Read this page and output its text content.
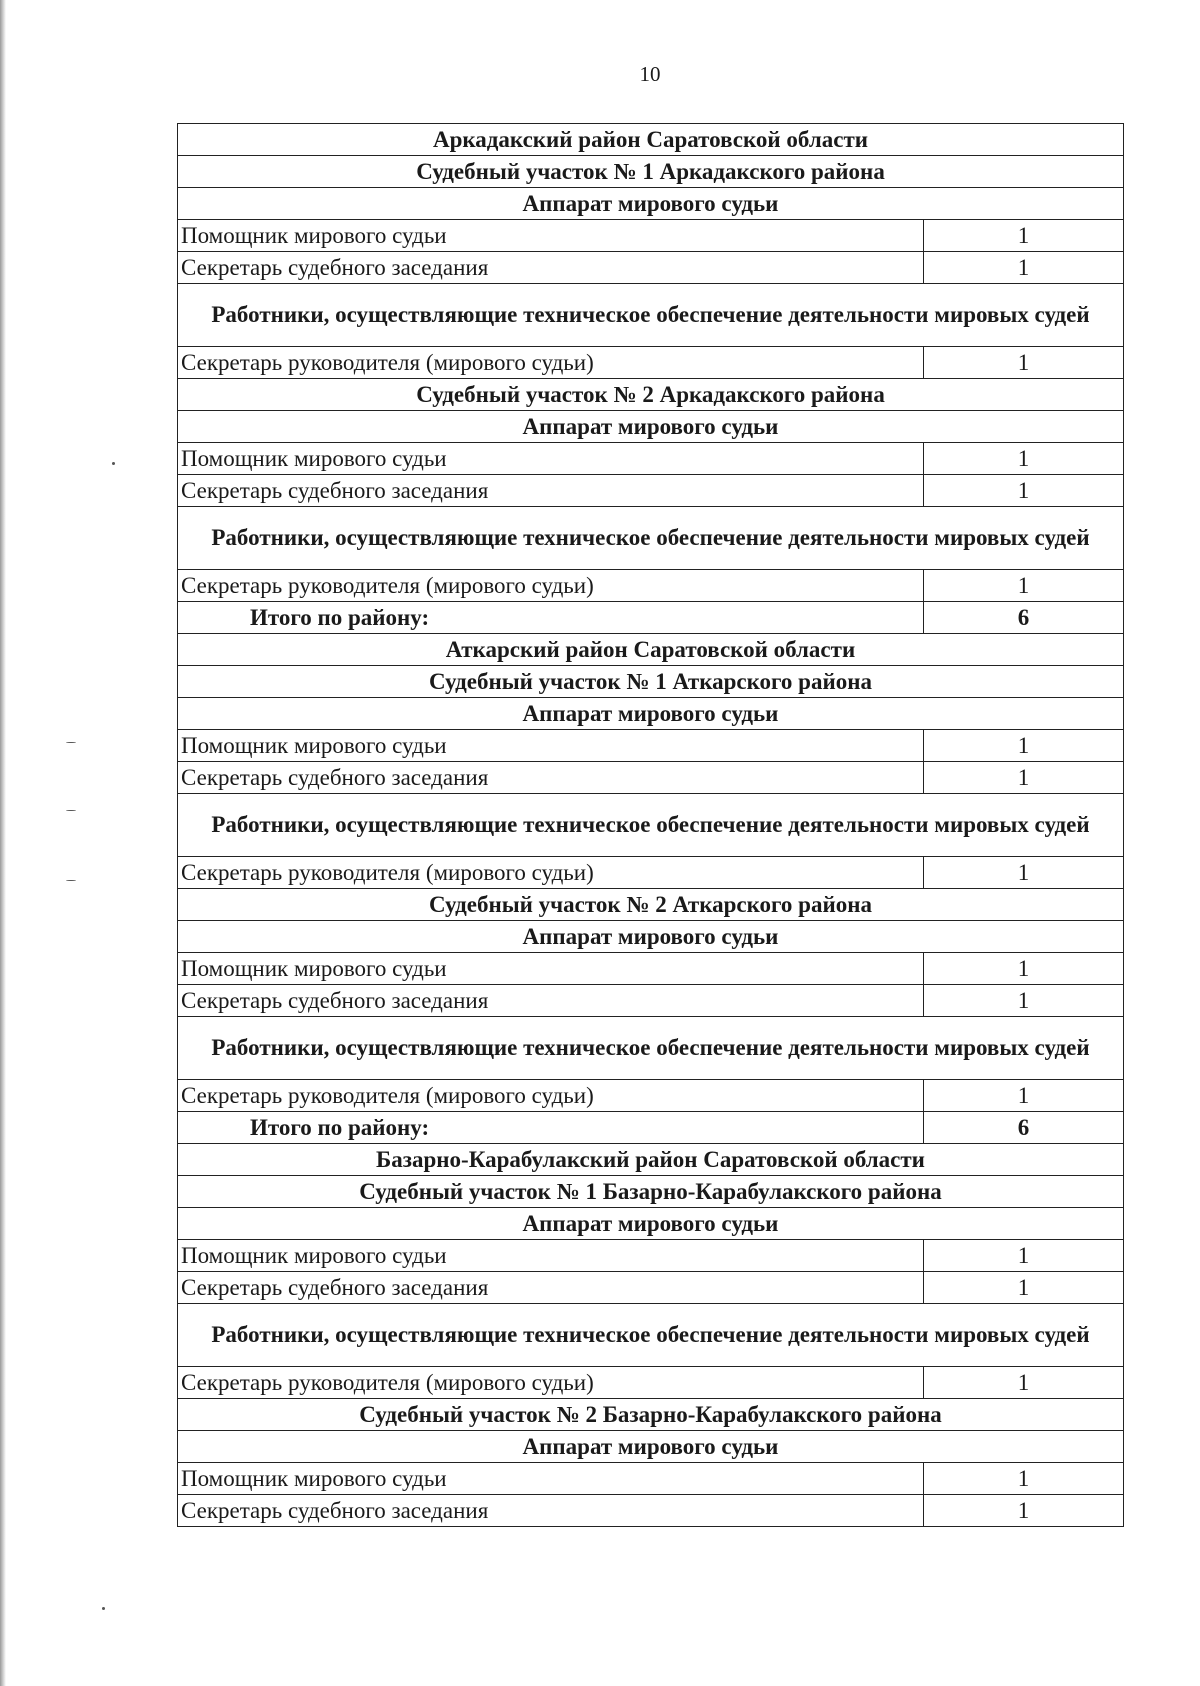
10
Аркадакский район Саратовской области	
Судебный участок № 1 Аркадакского района	
Аппарат мирового судьи	
Помощник мирового судьи	1
Секретарь судебного заседания	1
Работники, осуществляющие техническое обеспечение деятельности мировых судей	
Секретарь руководителя (мирового судьи)	1
Судебный участок № 2 Аркадакского района	
Аппарат мирового судьи	
Помощник мирового судьи	1
Секретарь судебного заседания	1
Работники, осуществляющие техническое обеспечение деятельности мировых судей	
Секретарь руководителя (мирового судьи)	1
Итого по району:	6
Аткарский район Саратовской области	
Судебный участок № 1 Аткарского района	
Аппарат мирового судьи	
Помощник мирового судьи	1
Секретарь судебного заседания	1
Работники, осуществляющие техническое обеспечение деятельности мировых судей	
Секретарь руководителя (мирового судьи)	1
Судебный участок № 2 Аткарского района	
Аппарат мирового судьи	
Помощник мирового судьи	1
Секретарь судебного заседания	1
Работники, осуществляющие техническое обеспечение деятельности мировых судей	
Секретарь руководителя (мирового судьи)	1
Итого по району:	6
Базарно-Карабулакский район Саратовской области	
Судебный участок № 1 Базарно-Карабулакского района	
Аппарат мирового судьи	
Помощник мирового судьи	1
Секретарь судебного заседания	1
Работники, осуществляющие техническое обеспечение деятельности мировых судей	
Секретарь руководителя (мирового судьи)	1
Судебный участок № 2 Базарно-Карабулакского района	
Аппарат мирового судьи	
Помощник мирового судьи	1
Секретарь судебного заседания	1
